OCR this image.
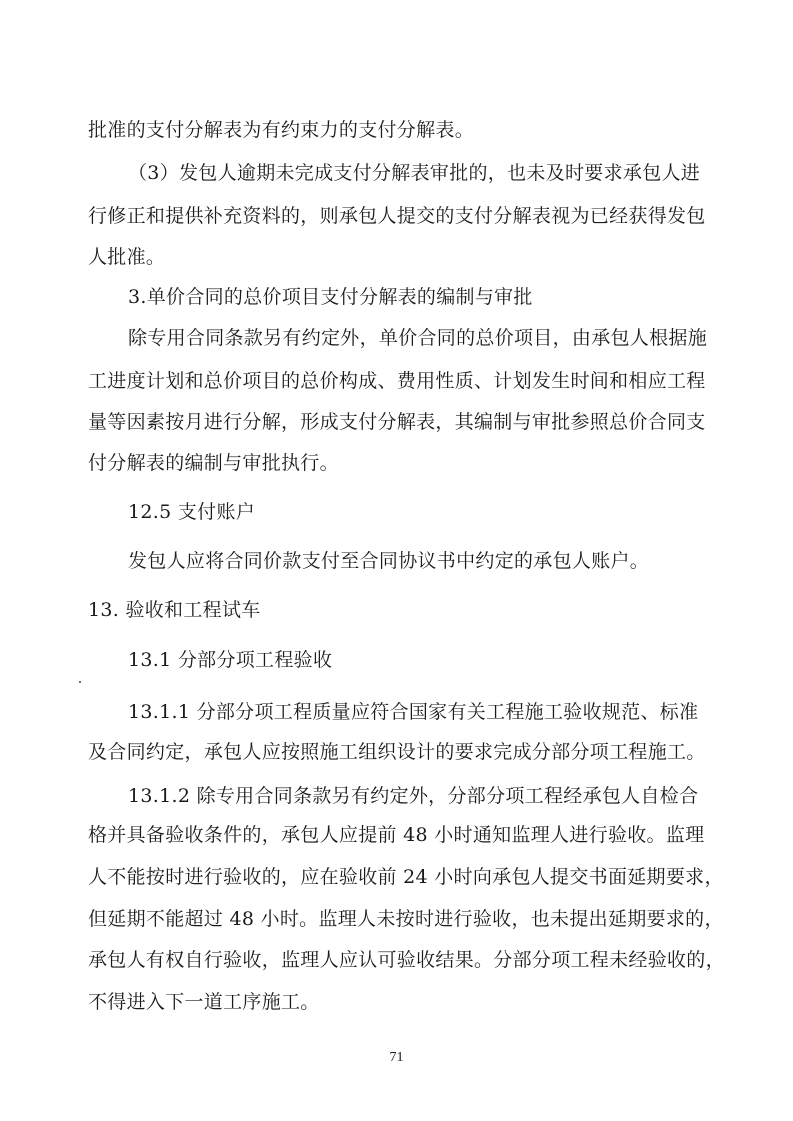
批准的支付分解表为有约束力的支付分解表。
（3）发包人逾期未完成支付分解表审批的，也未及时要求承包人进
行修正和提供补充资料的，则承包人提交的支付分解表视为已经获得发包
人批准。
3.单价合同的总价项目支付分解表的编制与审批
除专用合同条款另有约定外，单价合同的总价项目，由承包人根据施
工进度计划和总价项目的总价构成、费用性质、计划发生时间和相应工程
量等因素按月进行分解，形成支付分解表，其编制与审批参照总价合同支
付分解表的编制与审批执行。
12.5 支付账户
发包人应将合同价款支付至合同协议书中约定的承包人账户。
13. 验收和工程试车
13.1 分部分项工程验收
13.1.1 分部分项工程质量应符合国家有关工程施工验收规范、标准
及合同约定，承包人应按照施工组织设计的要求完成分部分项工程施工。
13.1.2 除专用合同条款另有约定外，分部分项工程经承包人自检合
格并具备验收条件的，承包人应提前 48 小时通知监理人进行验收。监理
人不能按时进行验收的，应在验收前 24 小时向承包人提交书面延期要求，
但延期不能超过 48 小时。监理人未按时进行验收，也未提出延期要求的，
承包人有权自行验收，监理人应认可验收结果。分部分项工程未经验收的，
不得进入下一道工序施工。
71
